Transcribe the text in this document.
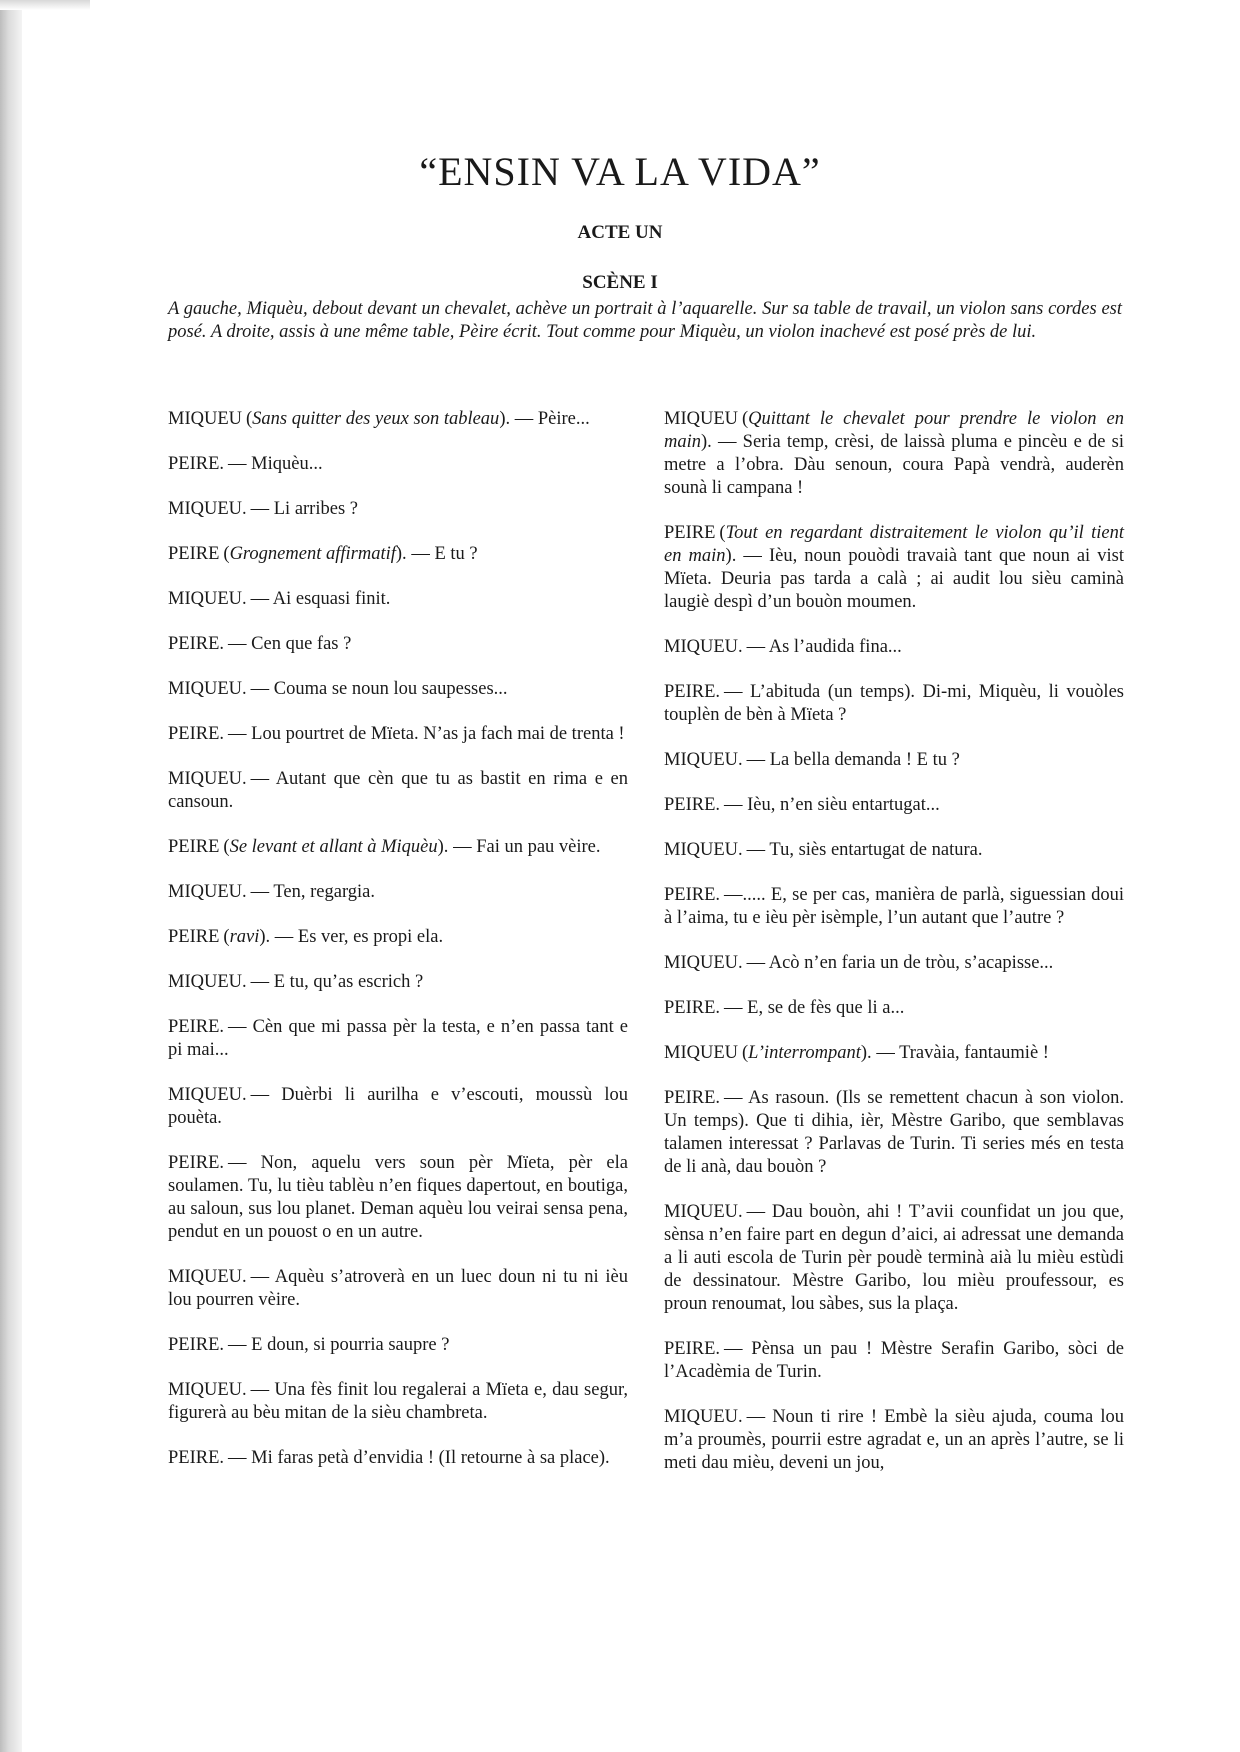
“ENSIN VA LA VIDA”
ACTE UN
SCÈNE I
A gauche, Miquèu, debout devant un chevalet, achève un portrait à l’aquarelle. Sur sa table de travail, un violon sans cordes est posé. A droite, assis à une même table, Pèire écrit. Tout comme pour Miquèu, un violon inachevé est posé près de lui.

MIQUEU (Sans quitter des yeux son tableau). — Pèire...

PEIRE. — Miquèu...

MIQUEU. — Li arribes ?

PEIRE (Grognement affirmatif). — E tu ?

MIQUEU. — Ai esquasi finit.

PEIRE. — Cen que fas ?

MIQUEU. — Couma se noun lou saupesses...

PEIRE. — Lou pourtret de Mïeta. N’as ja fach mai de trenta !

MIQUEU. — Autant que cèn que tu as bastit en rima e en cansoun.

PEIRE (Se levant et allant à Miquèu). — Fai un pau vèire.

MIQUEU. — Ten, regargia.

PEIRE (ravi). — Es ver, es propi ela.

MIQUEU. — E tu, qu’as escrich ?

PEIRE. — Cèn que mi passa pèr la testa, e n’en passa tant e pi mai...

MIQUEU. — Duèrbi li aurilha e v’escouti, moussù lou pouèta.

PEIRE. — Non, aquelu vers soun pèr Mïeta, pèr ela soulamen. Tu, lu tièu tablèu n’en fiques dapertout, en boutiga, au saloun, sus lou planet. Deman aquèu lou veirai sensa pena, pendut en un pouost o en un autre.

MIQUEU. — Aquèu s’atroverà en un luec doun ni tu ni ièu lou pourren vèire.

PEIRE. — E doun, si pourria saupre ?

MIQUEU. — Una fès finit lou regalerai a Mïeta e, dau segur, figurerà au bèu mitan de la sièu chambreta.

PEIRE. — Mi faras petà d’envidia ! (Il retourne à sa place).

MIQUEU (Quittant le chevalet pour prendre le violon en main). — Seria temp, crèsi, de laissà pluma e pincèu e de si metre a l’obra. Dàu senoun, coura Papà vendrà, auderèn sounà li campana !

PEIRE (Tout en regardant distraitement le violon qu’il tient en main). — Ièu, noun pouòdi travaià tant que noun ai vist Mïeta. Deuria pas tarda a calà ; ai audit lou sièu caminà laugiè despì d’un bouòn moumen.

MIQUEU. — As l’audida fina...

PEIRE. — L’abituda (un temps). Di-mi, Miquèu, li vouòles touplèn de bèn à Mïeta ?

MIQUEU. — La bella demanda ! E tu ?

PEIRE. — Ièu, n’en sièu entartugat...

MIQUEU. — Tu, siès entartugat de natura.

PEIRE. —..... E, se per cas, manièra de parlà, siguessian doui à l’aima, tu e ièu pèr isèmple, l’un autant que l’autre ?

MIQUEU. — Acò n’en faria un de tròu, s’acapisse...

PEIRE. — E, se de fès que li a...

MIQUEU (L’interrompant). — Travàia, fantaumiè !

PEIRE. — As rasoun. (Ils se remettent chacun à son violon. Un temps). Que ti dihia, ièr, Mèstre Garibo, que semblavas talamen interessat ? Parlavas de Turin. Ti series més en testa de li anà, dau bouòn ?

MIQUEU. — Dau bouòn, ahi ! T’avii counfidat un jou que, sènsa n’en faire part en degun d’aici, ai adressat une demanda a li auti escola de Turin pèr poudè terminà aià lu mièu estùdi de dessinatour. Mèstre Garibo, lou mièu proufessour, es proun renoumat, lou sàbes, sus la plaça.

PEIRE. — Pènsa un pau ! Mèstre Serafin Garibo, sòci de l’Acadèmia de Turin.

MIQUEU. — Noun ti rire ! Embè la sièu ajuda, couma lou m’a proumès, pourrii estre agradat e, un an après l’autre, se li meti dau mièu, deveni un jou,
